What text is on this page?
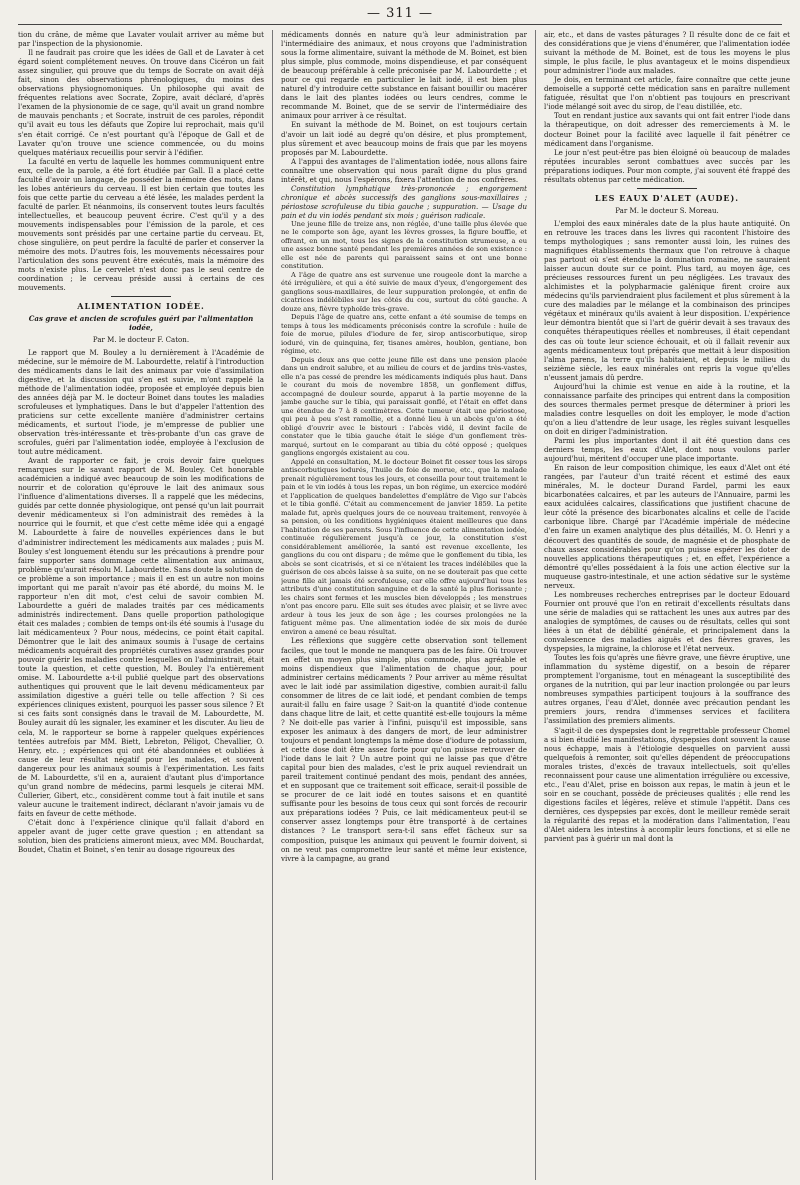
— 311 —

tion du crâne, de même que Lavater voulait arriver au même but par l'inspection de la physionomie.

Il ne faudrait pas croire que les idées de Gall et de Lavater à cet égard soient complétement neuves. On trouve dans Cicéron un fait assez singulier, qui prouve que du temps de Socrate on avait déjà fait, sinon des observations phrénologiques, du moins des observations physiognomoniques. Un philosophe qui avait de fréquentes relations avec Socrate, Zopire, avait déclaré, d'après l'examen de la physionomie de ce sage, qu'il avait un grand nombre de mauvais penchants ; et Socrate, instruit de ces paroles, répondit qu'il avait eu tous les défauts que Zopire lui reprochait, mais qu'il s'en était corrigé. Ce n'est pourtant qu'à l'époque de Gall et de Lavater qu'on trouve une science commencée, ou du moins quelques matériaux recueillis pour servir à l'édifier.

La faculté en vertu de laquelle les hommes communiquent entre eux, celle de la parole, a été fort étudiée par Gall. Il a placé cette faculté d'avoir un langage, de posséder la mémoire des mots, dans les lobes antérieurs du cerveau. Il est bien certain que toutes les fois que cette partie du cerveau a été lésée, les malades perdent la faculté de parler. Et néanmoins, ils conservent toutes leurs facultés intellectuelles, et beaucoup peuvent écrire. C'est qu'il y a des mouvements indispensables pour l'émission de la parole, et ces mouvements sont présidés par une certaine partie du cerveau. Et, chose singulière, on peut perdre la faculté de parler et conserver la mémoire des mots. D'autres fois, les mouvements nécessaires pour l'articulation des sons peuvent être exécutés, mais la mémoire des mots n'existe plus. Le cervelet n'est donc pas le seul centre de coordination ; le cerveau préside aussi à certains de ces mouvements.

ALIMENTATION IODÉE.
Cas grave et ancien de scrofules guéri par l'alimentation iodée,
Par M. le docteur F. Caton.

Le rapport que M. Bouley a lu dernièrement à l'Académie de médecine, sur le mémoire de M. Labourdette, relatif à l'introduction des médicaments dans le lait des animaux par voie d'assimilation digestive, et la discussion qui s'en est suivie, m'ont rappelé la méthode de l'alimentation iodée, proposée et employée depuis bien des années déjà par M. le docteur Boinet dans toutes les maladies scrofuleuses et lymphatiques. Dans le but d'appeler l'attention des praticiens sur cette excellente manière d'administrer certains médicaments, et surtout l'iode, je m'empresse de publier une observation très-intéressante et très-probante d'un cas grave de scrofules, guéri par l'alimentation iodée, employée à l'exclusion de tout autre médicament.

Avant de rapporter ce fait, je crois devoir faire quelques remarques sur le savant rapport de M. Bouley. Cet honorable académicien a indiqué avec beaucoup de soin les modifications de nourrir et de coloration qu'éprouve le lait des animaux sous l'influence d'alimentations diverses. Il a rappelé que les médecins, guidés par cette donnée physiologique, ont pensé qu'un lait pourrait devenir médicamenteux si l'on administrait des remèdes à la nourrice qui le fournit, et que c'est cette même idée qui a engagé M. Labourdette à faire de nouvelles expériences dans le but d'administrer indirectement les médicaments aux malades ; puis M. Bouley s'est longuement étendu sur les précautions à prendre pour faire supporter sans dommage cette alimentation aux animaux, problème qu'aurait résolu M. Labourdette. Sans doute la solution de ce problème a son importance ; mais il en est un autre non moins important qui me paraît n'avoir pas été abordé, du moins M. le rapporteur n'en dit mot, c'est celui de savoir combien M. Labourdette a guéri de malades traités par ces médicaments administrés indirectement. Dans quelle proportion pathologique était ces malades ; combien de temps ont-ils été soumis à l'usage du lait médicamenteux ? Pour nous, médecins, ce point était capital. Démontrer que le lait des animaux soumis à l'usage de certains médicaments acquérait des propriétés curatives assez grandes pour pouvoir guérir les maladies contre lesquelles on l'administrait, était toute la question, et cette question, M. Bouley l'a entièrement omise. M. Labourdette a-t-il publié quelque part des observations authentiques qui prouvent que le lait devenu médicamenteux par assimilation digestive a guéri telle ou telle affection ? Si ces expériences cliniques existent, pourquoi les passer sous silence ? Et si ces faits sont consignés dans le travail de M. Labourdette, M. Bouley aurait dû les signaler, les examiner et les discuter. Au lieu de cela, M. le rapporteur se borne à rappeler quelques expériences tentées autrefois par MM. Biett, Lebreton, Péligot, Chevallier, O. Henry, etc. ; expériences qui ont été abandonnées et oubliées à cause de leur résultat négatif pour les malades, et souvent dangereux pour les animaux soumis à l'expérimentation. Les faits de M. Labourdette, s'il en a, auraient d'autant plus d'importance qu'un grand nombre de médecins, parmi lesquels je citerai MM. Cullerier, Gibert, etc., considèrent comme tout à fait inutile et sans valeur aucune le traitement indirect, déclarant n'avoir jamais vu de faits en faveur de cette méthode.

C'était donc à l'expérience clinique qu'il fallait d'abord en appeler avant de juger cette grave question ; en attendant sa solution, bien des praticiens aimeront mieux, avec MM. Bouchardat, Boudet, Chatin et Boinet, s'en tenir au dosage rigoureux des

médicaments donnés en nature qu'à leur administration par l'intermédiaire des animaux, et nous croyons que l'administration sous la forme alimentaire, suivant la méthode de M. Boinet, est bien plus simple, plus commode, moins dispendieuse, et par conséquent de beaucoup préférable à celle préconisée par M. Labourdette ; et pour ce qui regarde en particulier le lait iodé, il est bien plus naturel d'y introduire cette substance en faisant bouillir ou macérer dans le lait des plantes iodées ou leurs cendres, comme le recommande M. Boinet, que de se servir de l'intermédiaire des animaux pour arriver à ce résultat.

En suivant la méthode de M. Boinet, on est toujours certain d'avoir un lait iodé au degré qu'on désire, et plus promptement, plus sûrement et avec beaucoup moins de frais que par les moyens proposés par M. Labourdette.

A l'appui des avantages de l'alimentation iodée, nous allons faire connaître une observation qui nous paraît digne du plus grand intérêt, et qui, nous l'espérons, fixera l'attention de nos confrères.

Constitution lymphatique très-prononcée ; engorgement chronique et abcès successifs des ganglions sous-maxillaires ; périostose scrofuleuse du tibia gauche ; suppuration. — Usage du pain et du vin iodés pendant six mois ; guérison radicale.

Une jeune fille de treize ans, non réglée, d'une taille plus élevée que ne le comporte son âge, ayant les lèvres grosses, la figure bouffie, et offrant, en un mot, tous les signes de la constitution strumeuse, a eu une assez bonne santé pendant les premières années de son existence : elle est née de parents qui paraissent sains et ont une bonne constitution.

A l'âge de quatre ans est survenue une rougeole dont la marche a été irrégulière, et qui a été suivie de maux d'yeux, d'engorgement des ganglions sous-maxillaires, de leur suppuration prolongée, et enfin de cicatrices indélébiles sur les côtés du cou, surtout du côté gauche. A douze ans, fièvre typhoïde très-grave.

Depuis l'âge de quatre ans, cette enfant a été soumise de temps en temps à tous les médicaments préconisés contre la scrofule : huile de foie de morue, pilules d'iodure de fer, sirop antiscorbutique, sirop ioduré, vin de quinquina, fer, tisanes amères, houblon, gentiane, bon régime, etc.

Depuis deux ans que cette jeune fille est dans une pension placée dans un endroit salubre, et au milieu de cours et de jardins très-vastes, elle n'a pas cessé de prendre les médicaments indiqués plus haut. Dans le courant du mois de novembre 1858, un gonflement diffus, accompagné de douleur sourde, apparut à la partie moyenne de la jambe gauche sur le tibia, qui paraissait gonflé, et l'était en effet dans une étendue de 7 à 8 centimètres. Cette tumeur était une périostose, qui peu à peu s'est ramollie, et a donné lieu à un abcès qu'on a été obligé d'ouvrir avec le bistouri : l'abcès vidé, il devint facile de constater que le tibia gauche était le siége d'un gonflement très-marqué, surtout en le comparant au tibia du côté opposé ; quelques ganglions engorgés existaient au cou.

Appelé en consultation, M. le docteur Boinet fit cesser tous les sirops antiscorbutiques iodurés, l'huile de foie de morue, etc., que la malade prenait régulièrement tous les jours, et conseilla pour tout traitement le pain et le vin iodés à tous les repas, un bon régime, un exercice modéré et l'application de quelques bandelettes d'emplâtre de Vigo sur l'abcès et le tibia gonflé. C'était au commencement de janvier 1859. La petite malade fut, après quelques jours de ce nouveau traitement, renvoyée à sa pension, où les conditions hygiéniques étaient meilleures que dans l'habitation de ses parents. Sous l'influence de cette alimentation iodée, continuée régulièrement jusqu'à ce jour, la constitution s'est considérablement améliorée, la santé est revenue excellente, les ganglions du cou ont disparu ; de même que le gonflement du tibia, les abcès se sont cicatrisés, et si ce n'étaient les traces indélébiles que la guérison de ces abcès laisse à sa suite, on ne se douterait pas que cette jeune fille ait jamais été scrofuleuse, car elle offre aujourd'hui tous les attributs d'une constitution sanguine et de la santé la plus florissante ; les chairs sont fermes et les muscles bien développés ; les menstrues n'ont pas encore paru. Elle suit ses études avec plaisir, et se livre avec ardeur à tous les jeux de son âge ; les courses prolongées ne la fatiguent même pas. Une alimentation iodée de six mois de durée environ a amené ce beau résultat.

Les réflexions que suggère cette observation sont tellement faciles, que tout le monde ne manquera pas de les faire. Où trouver en effet un moyen plus simple, plus commode, plus agréable et moins dispendieux que l'alimentation de chaque jour, pour administrer certains médicaments ? Pour arriver au même résultat avec le lait iodé par assimilation digestive, combien aurait-il fallu consommer de litres de ce lait iodé, et pendant combien de temps aurait-il fallu en faire usage ? Sait-on la quantité d'iode contenue dans chaque litre de lait, et cette quantité est-elle toujours la même ? Ne doit-elle pas varier à l'infini, puisqu'il est impossible, sans exposer les animaux à des dangers de mort, de leur administrer toujours et pendant longtemps la même dose d'iodure de potassium, et cette dose doit être assez forte pour qu'on puisse retrouver de l'iode dans le lait ? Un autre point qui ne laisse pas que d'être capital pour bien des malades, c'est le prix auquel reviendrait un pareil traitement continué pendant des mois, pendant des années, et en supposant que ce traitement soit efficace, serait-il possible de se procurer de ce lait iodé en toutes saisons et en quantité suffisante pour les besoins de tous ceux qui sont forcés de recourir aux préparations iodées ? Puis, ce lait médicamenteux peut-il se conserver assez longtemps pour être transporté à de certaines distances ? Le transport sera-t-il sans effet fâcheux sur sa composition, puisque les animaux qui peuvent le fournir doivent, si on ne veut pas compromettre leur santé et même leur existence, vivre à la campagne, au grand

air, etc., et dans de vastes pâturages ? Il résulte donc de ce fait et des considérations que je viens d'énumérer, que l'alimentation iodée suivant la méthode de M. Boinet, est de tous les moyens le plus simple, le plus facile, le plus avantageux et le moins dispendieux pour administrer l'iode aux malades.

Je dois, en terminant cet article, faire connaître que cette jeune demoiselle a supporté cette médication sans en paraître nullement fatiguée, résultat que l'on n'obtient pas toujours en prescrivant l'iode mélangé soit avec du sirop, de l'eau distillée, etc.

Tout en rendant justice aux savants qui ont fait entrer l'iode dans la thérapeutique, on doit adresser des remerciements à M. le docteur Boinet pour la facilité avec laquelle il fait pénétrer ce médicament dans l'organisme.

Le jour n'est peut-être pas bien éloigné où beaucoup de malades réputées incurables seront combattues avec succès par les préparations iodiques. Pour mon compte, j'ai souvent été frappé des résultats obtenus par cette médication.

LES EAUX D'ALET (AUDE).
Par M. le docteur S. Moreau.

L'emploi des eaux minérales date de la plus haute antiquité. On en retrouve les traces dans les livres qui racontent l'histoire des temps mythologiques ; sans remonter aussi loin, les ruines des magnifiques établissements thermaux que l'on retrouve à chaque pas partout où s'est étendue la domination romaine, ne sauraient laisser aucun doute sur ce point. Plus tard, au moyen âge, ces précieuses ressources furent un peu négligées. Les travaux des alchimistes et la polypharmacie galénique firent croire aux médecins qu'ils parviendraient plus facilement et plus sûrement à la cure des maladies par le mélange et la combinaison des principes végétaux et minéraux qu'ils avaient à leur disposition. L'expérience leur démontra bientôt que si l'art de guérir devait à ses travaux des conquêtes thérapeutiques réelles et nombreuses, il était cependant des cas où toute leur science échouait, et où il fallait revenir aux agents médicamenteux tout préparés que mettait à leur disposition l'alma parens, la terre qu'ils habitaient, et depuis le milieu du seizième siècle, les eaux minérales ont repris la vogue qu'elles n'eussent jamais dû perdre.

Aujourd'hui la chimie est venue en aide à la routine, et la connaissance parfaite des principes qui entrent dans la composition des sources thermales permet presque de déterminer à priori les maladies contre lesquelles on doit les employer, le mode d'action qu'on a lieu d'attendre de leur usage, les règles suivant lesquelles on doit en diriger l'administration.

Parmi les plus importantes dont il ait été question dans ces derniers temps, les eaux d'Alet, dont nous voulons parler aujourd'hui, méritent d'occuper une place importante.

En raison de leur composition chimique, les eaux d'Alet ont été rangées, par l'auteur d'un traité récent et estimé des eaux minérales, M. le docteur Durand Fardel, parmi les eaux bicarbonatées calcaires, et par les auteurs de l'Annuaire, parmi les eaux acidulées calcaires, classifications que justifient chacune de leur côté la présence des bicarbonates alcalins et celle de l'acide carbonique libre. Chargé par l'Académie impériale de médecine d'en faire un examen analytique des plus détaillés, M. O. Henri y a découvert des quantités de soude, de magnésie et de phosphate de chaux assez considérables pour qu'on puisse espérer les doter de nouvelles applications thérapeutiques ; et, en effet, l'expérience a démontré qu'elles possédaient à la fois une action élective sur la muqueuse gastro-intestinale, et une action sédative sur le système nerveux.

Les nombreuses recherches entreprises par le docteur Edouard Fournier ont prouvé que l'on en retirait d'excellents résultats dans une série de maladies qui se rattachent les unes aux autres par des analogies de symptômes, de causes ou de résultats, celles qui sont liées à un état de débilité générale, et principalement dans la convalescence des maladies aiguës et des fièvres graves, les dyspepsies, la migraine, la chlorose et l'état nerveux.

Toutes les fois qu'après une fièvre grave, une fièvre éruptive, une inflammation du système digestif, on a besoin de réparer promptement l'organisme, tout en ménageant la susceptibilité des organes de la nutrition, qui par leur inaction prolongée ou par leurs nombreuses sympathies participent toujours à la souffrance des autres organes, l'eau d'Alet, donnée avec précaution pendant les premiers jours, rendra d'immenses services et facilitera l'assimilation des premiers aliments.

S'agit-il de ces dyspepsies dont le regrettable professeur Chomel a si bien étudié les manifestations, dyspepsies dont souvent la cause nous échappe, mais à l'étiologie desquelles on parvient aussi quelquefois à remonter, soit qu'elles dépendent de préoccupations morales tristes, d'excès de travaux intellectuels, soit qu'elles reconnaissent pour cause une alimentation irrégulière ou excessive, etc., l'eau d'Alet, prise en boisson aux repas, le matin à jeun et le soir en se couchant, possède de précieuses qualités ; elle rend les digestions faciles et légères, relève et stimule l'appétit. Dans ces dernières, ces dyspepsies par excès, dont le meilleur remède serait la régularité des repas et la modération dans l'alimentation, l'eau d'Alet aidera les intestins à accomplir leurs fonctions, et si elle ne parvient pas à guérir un mal dont la
